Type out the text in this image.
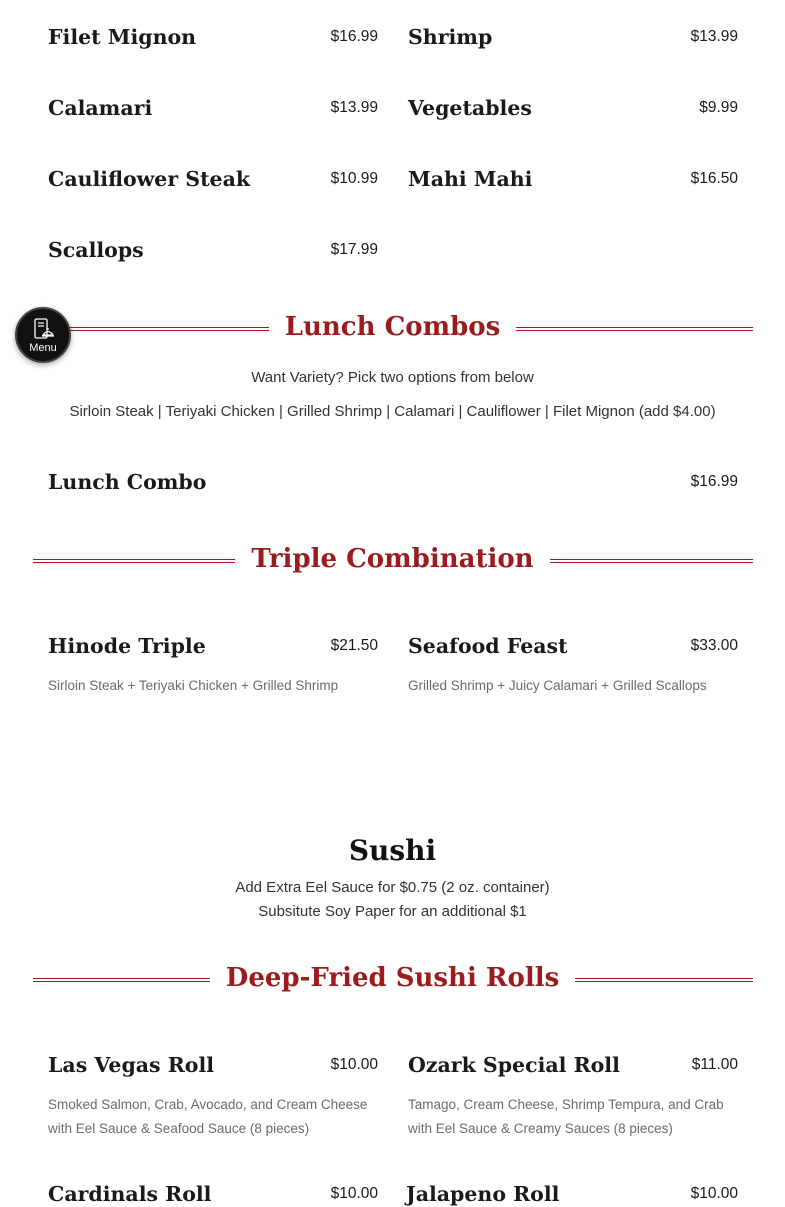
Filet Mignon	$16.99 Shrimp	$13.99
Calamari	$13.99 Vegetables	$9.99
Cauliflower Steak	$10.99 Mahi Mahi	$16.50
Scallops	$17.99
Lunch Combos
Want Variety? Pick two options from below
Sirloin Steak | Teriyaki Chicken | Grilled Shrimp | Calamari | Cauliflower | Filet Mignon (add $4.00)
Lunch Combo	$16.99
Triple Combination
Hinode Triple	$21.50
Sirloin Steak + Teriyaki Chicken + Grilled Shrimp
Seafood Feast	$33.00
Grilled Shrimp + Juicy Calamari + Grilled Scallops
Sushi
Add Extra Eel Sauce for $0.75 (2 oz. container)
Subsitute Soy Paper for an additional $1
Deep-Fried Sushi Rolls
Las Vegas Roll	$10.00
Smoked Salmon, Crab, Avocado, and Cream Cheese with Eel Sauce & Seafood Sauce (8 pieces)
Ozark Special Roll	$11.00
Tamago, Cream Cheese, Shrimp Tempura, and Crab with Eel Sauce & Creamy Sauces (8 pieces)
Cardinals Roll	$10.00 Jalapeno Roll	$10.00
Menu
